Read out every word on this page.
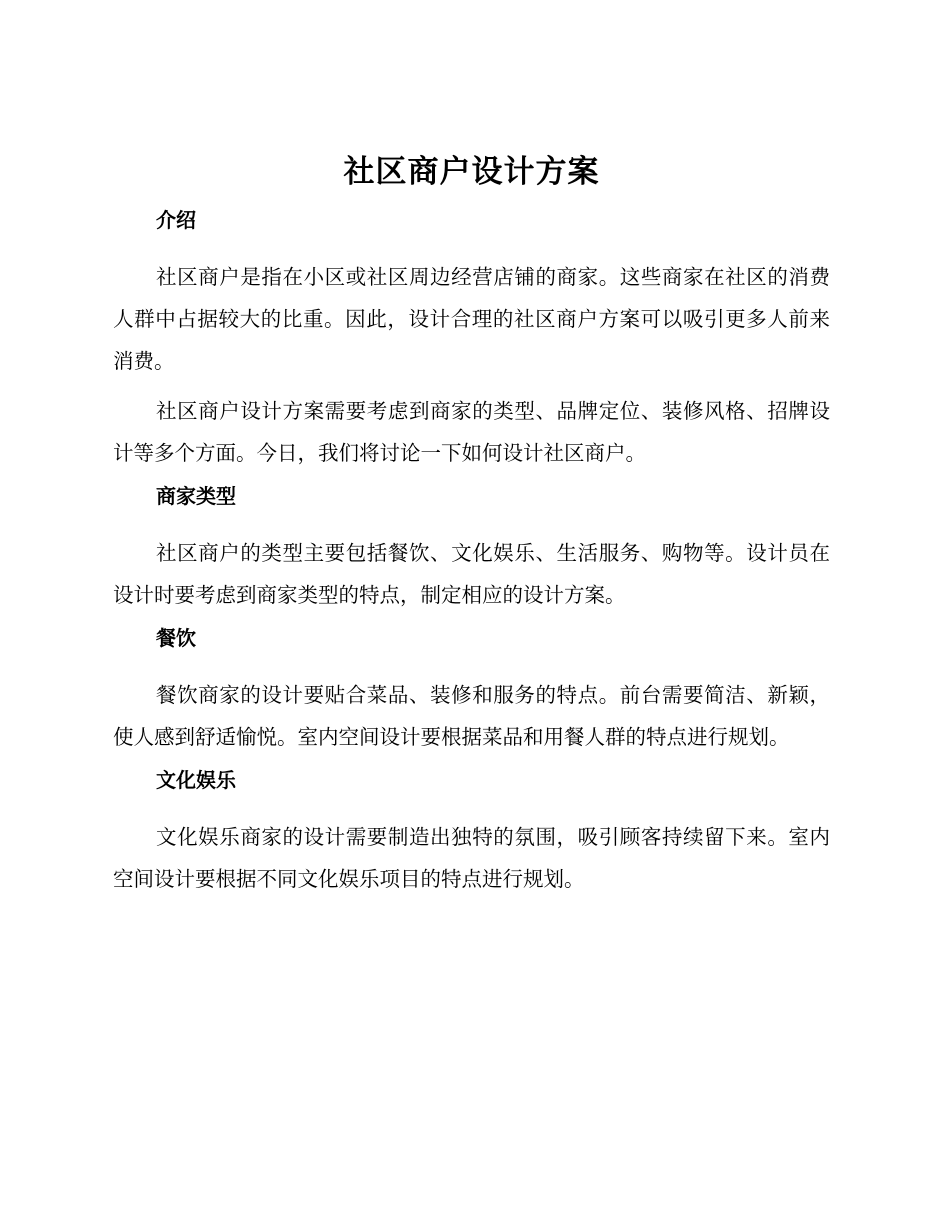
社区商户设计方案
介绍

社区商户是指在小区或社区周边经营店铺的商家。这些商家在社区的消费人群中占据较大的比重。因此，设计合理的社区商户方案可以吸引更多人前来消费。

社区商户设计方案需要考虑到商家的类型、品牌定位、装修风格、招牌设计等多个方面。今日，我们将讨论一下如何设计社区商户。

商家类型

社区商户的类型主要包括餐饮、文化娱乐、生活服务、购物等。设计员在设计时要考虑到商家类型的特点，制定相应的设计方案。

餐饮

餐饮商家的设计要贴合菜品、装修和服务的特点。前台需要简洁、新颖，使人感到舒适愉悦。室内空间设计要根据菜品和用餐人群的特点进行规划。

文化娱乐

文化娱乐商家的设计需要制造出独特的氛围，吸引顾客持续留下来。室内空间设计要根据不同文化娱乐项目的特点进行规划。
